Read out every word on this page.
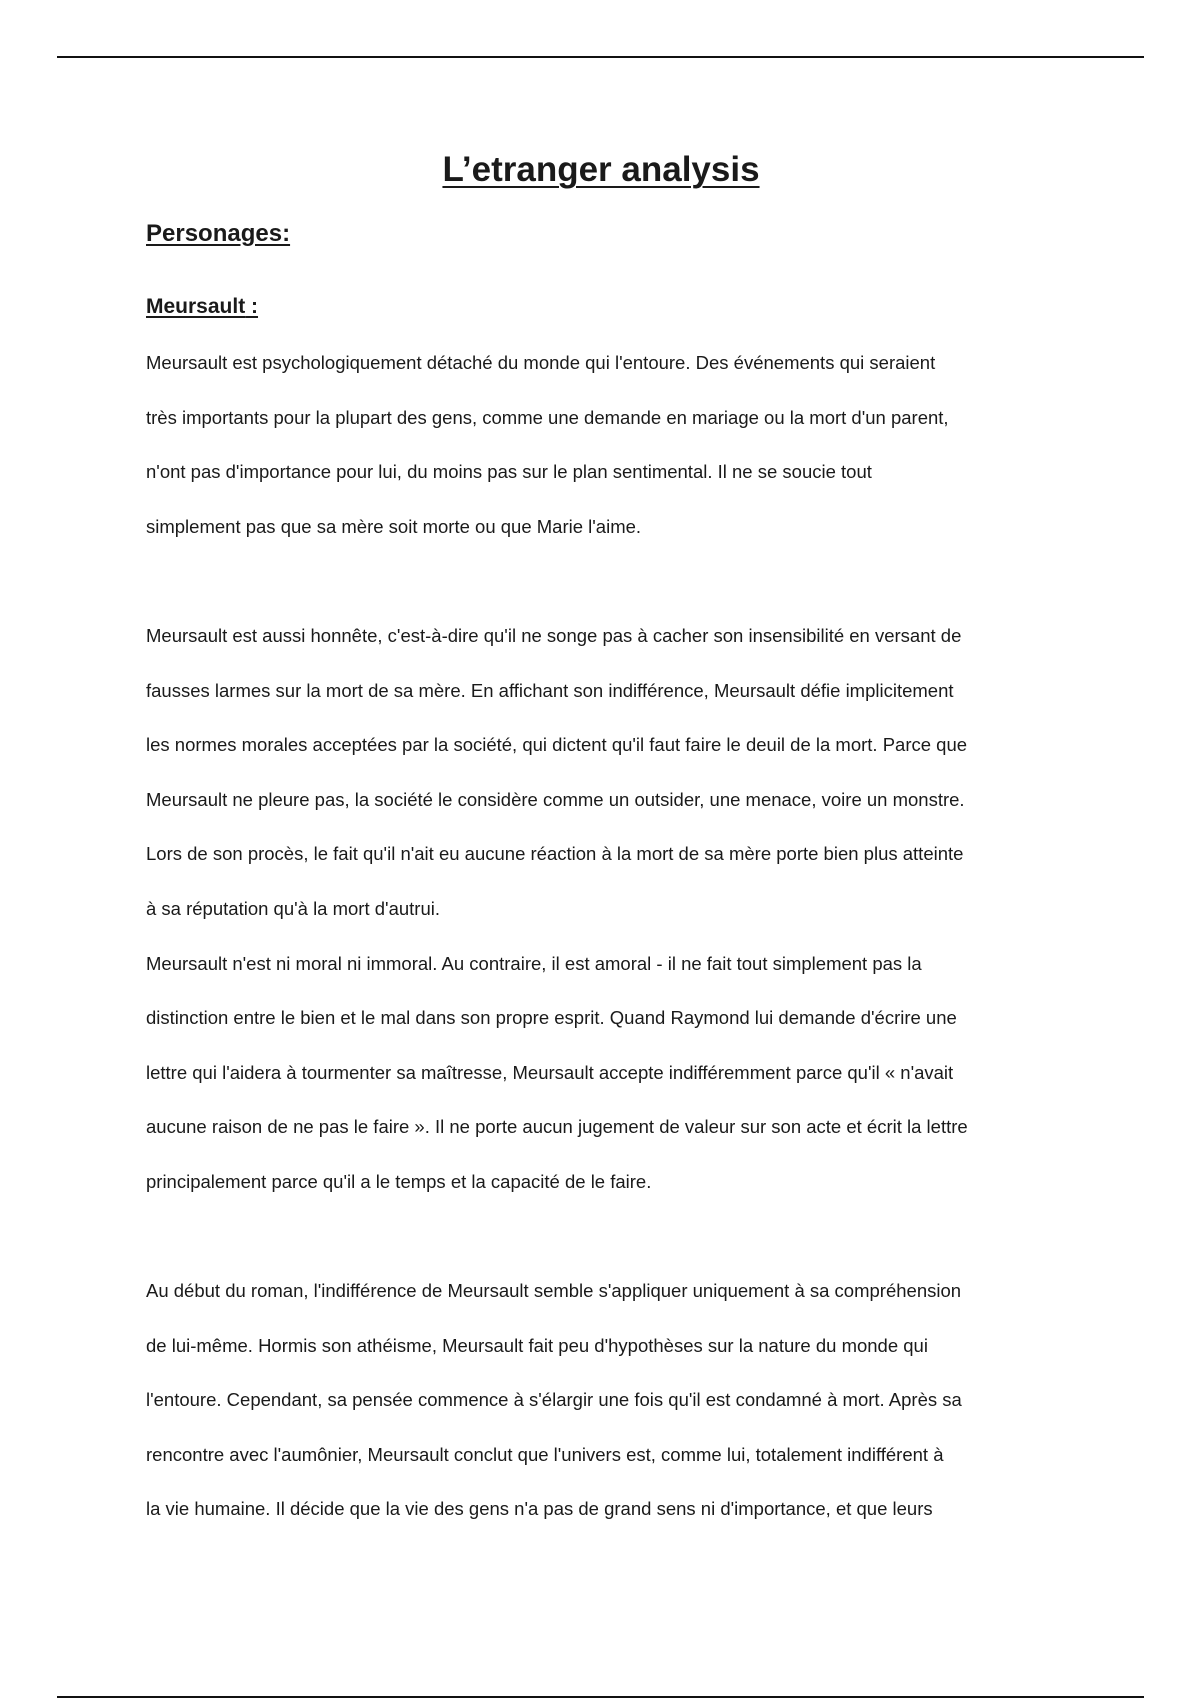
L’etranger analysis
Personages:
Meursault :

Meursault est psychologiquement détaché du monde qui l'entoure. Des événements qui seraient

très importants pour la plupart des gens, comme une demande en mariage ou la mort d'un parent,

n'ont pas d'importance pour lui, du moins pas sur le plan sentimental. Il ne se soucie tout

simplement pas que sa mère soit morte ou que Marie l'aime.

Meursault est aussi honnête, c'est-à-dire qu'il ne songe pas à cacher son insensibilité en versant de

fausses larmes sur la mort de sa mère. En affichant son indifférence, Meursault défie implicitement

les normes morales acceptées par la société, qui dictent qu'il faut faire le deuil de la mort. Parce que

Meursault ne pleure pas, la société le considère comme un outsider, une menace, voire un monstre.

Lors de son procès, le fait qu'il n'ait eu aucune réaction à la mort de sa mère porte bien plus atteinte

à sa réputation qu'à la mort d'autrui.

Meursault n'est ni moral ni immoral. Au contraire, il est amoral - il ne fait tout simplement pas la

distinction entre le bien et le mal dans son propre esprit. Quand Raymond lui demande d'écrire une

lettre qui l'aidera à tourmenter sa maîtresse, Meursault accepte indifféremment parce qu'il « n'avait

aucune raison de ne pas le faire ». Il ne porte aucun jugement de valeur sur son acte et écrit la lettre

principalement parce qu'il a le temps et la capacité de le faire.

Au début du roman, l'indifférence de Meursault semble s'appliquer uniquement à sa compréhension

de lui-même. Hormis son athéisme, Meursault fait peu d'hypothèses sur la nature du monde qui

l'entoure. Cependant, sa pensée commence à s'élargir une fois qu'il est condamné à mort. Après sa

rencontre avec l'aumônier, Meursault conclut que l'univers est, comme lui, totalement indifférent à

la vie humaine. Il décide que la vie des gens n'a pas de grand sens ni d'importance, et que leurs
